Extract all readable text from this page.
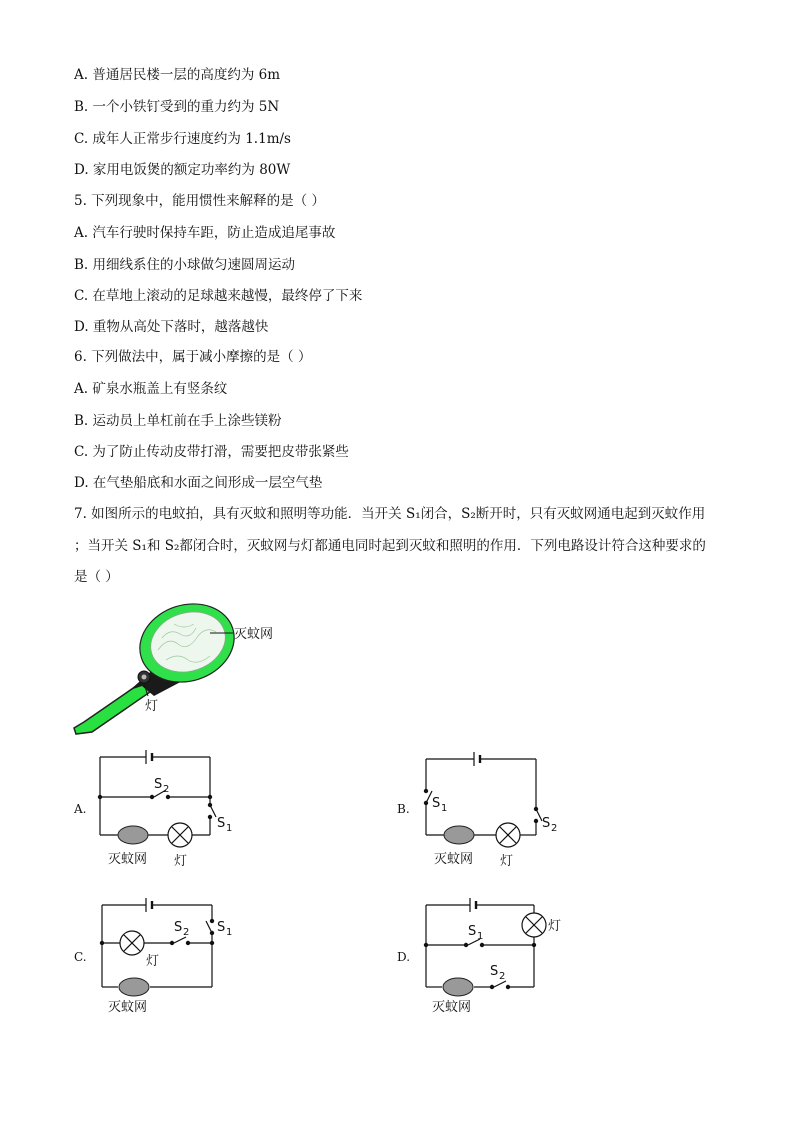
A. 普通居民楼一层的高度约为 6m
B. 一个小铁钉受到的重力约为 5N
C. 成年人正常步行速度约为 1.1m/s
D. 家用电饭煲的额定功率约为 80W
5. 下列现象中，能用惯性来解释的是（ ）
A. 汽车行驶时保持车距，防止造成追尾事故
B. 用细线系住的小球做匀速圆周运动
C. 在草地上滚动的足球越来越慢，最终停了下来
D. 重物从高处下落时，越落越快
6. 下列做法中，属于减小摩擦的是（ ）
A. 矿泉水瓶盖上有竖条纹
B. 运动员上单杠前在手上涂些镁粉
C. 为了防止传动皮带打滑，需要把皮带张紧些
D. 在气垫船底和水面之间形成一层空气垫
7. 如图所示的电蚊拍，具有灭蚊和照明等功能．当开关 S₁闭合，S₂断开时，只有灭蚊网通电起到灭蚊作用
；当开关 S₁和 S₂都闭合时，灭蚊网与灯都通电同时起到灭蚊和照明的作用．下列电路设计符合这种要求的
是（ ）
灭蚊网
灯
A.
S 2
S 1
灭蚊网 灯
B. S 1
S 2
灭蚊网 灯
C.
S 2 S 1
灯
灭蚊网
D.
S 1
S 2
灯
灭蚊网
